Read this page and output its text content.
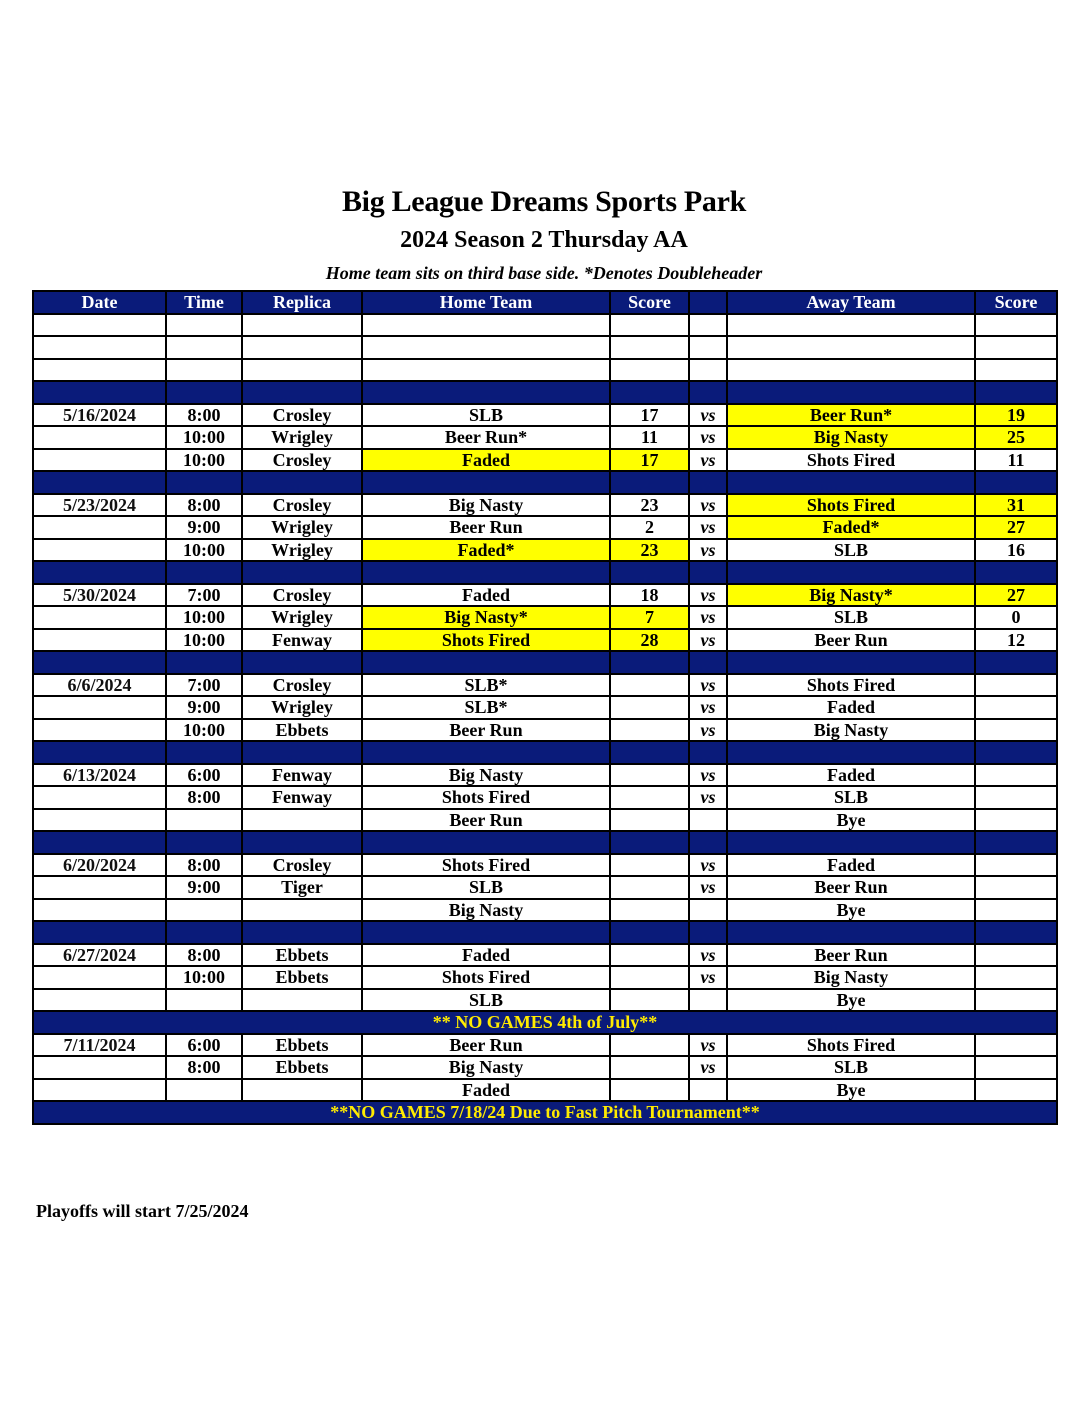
Big League Dreams Sports Park
2024 Season 2 Thursday AA
Home team sits on third base side. *Denotes Doubleheader
Date	Time	Replica	Home Team	Score		Away Team	Score

5/16/2024	8:00	Crosley	SLB	17	vs	Beer Run*	19
	10:00	Wrigley	Beer Run*	11	vs	Big Nasty	25
	10:00	Crosley	Faded	17	vs	Shots Fired	11

5/23/2024	8:00	Crosley	Big Nasty	23	vs	Shots Fired	31
	9:00	Wrigley	Beer Run	2	vs	Faded*	27
	10:00	Wrigley	Faded*	23	vs	SLB	16

5/30/2024	7:00	Crosley	Faded	18	vs	Big Nasty*	27
	10:00	Wrigley	Big Nasty*	7	vs	SLB	0
	10:00	Fenway	Shots Fired	28	vs	Beer Run	12

6/6/2024	7:00	Crosley	SLB*		vs	Shots Fired	
	9:00	Wrigley	SLB*		vs	Faded	
	10:00	Ebbets	Beer Run		vs	Big Nasty	

6/13/2024	6:00	Fenway	Big Nasty		vs	Faded	
	8:00	Fenway	Shots Fired		vs	SLB	
			Beer Run			Bye	

6/20/2024	8:00	Crosley	Shots Fired		vs	Faded	
	9:00	Tiger	SLB		vs	Beer Run	
			Big Nasty			Bye	

6/27/2024	8:00	Ebbets	Faded		vs	Beer Run	
	10:00	Ebbets	Shots Fired		vs	Big Nasty	
			SLB			Bye	
** NO GAMES 4th of July**							
7/11/2024	6:00	Ebbets	Beer Run		vs	Shots Fired	
	8:00	Ebbets	Big Nasty		vs	SLB	
			Faded			Bye	
**NO GAMES 7/18/24 Due to Fast Pitch Tournament**							
Playoffs will start 7/25/2024
